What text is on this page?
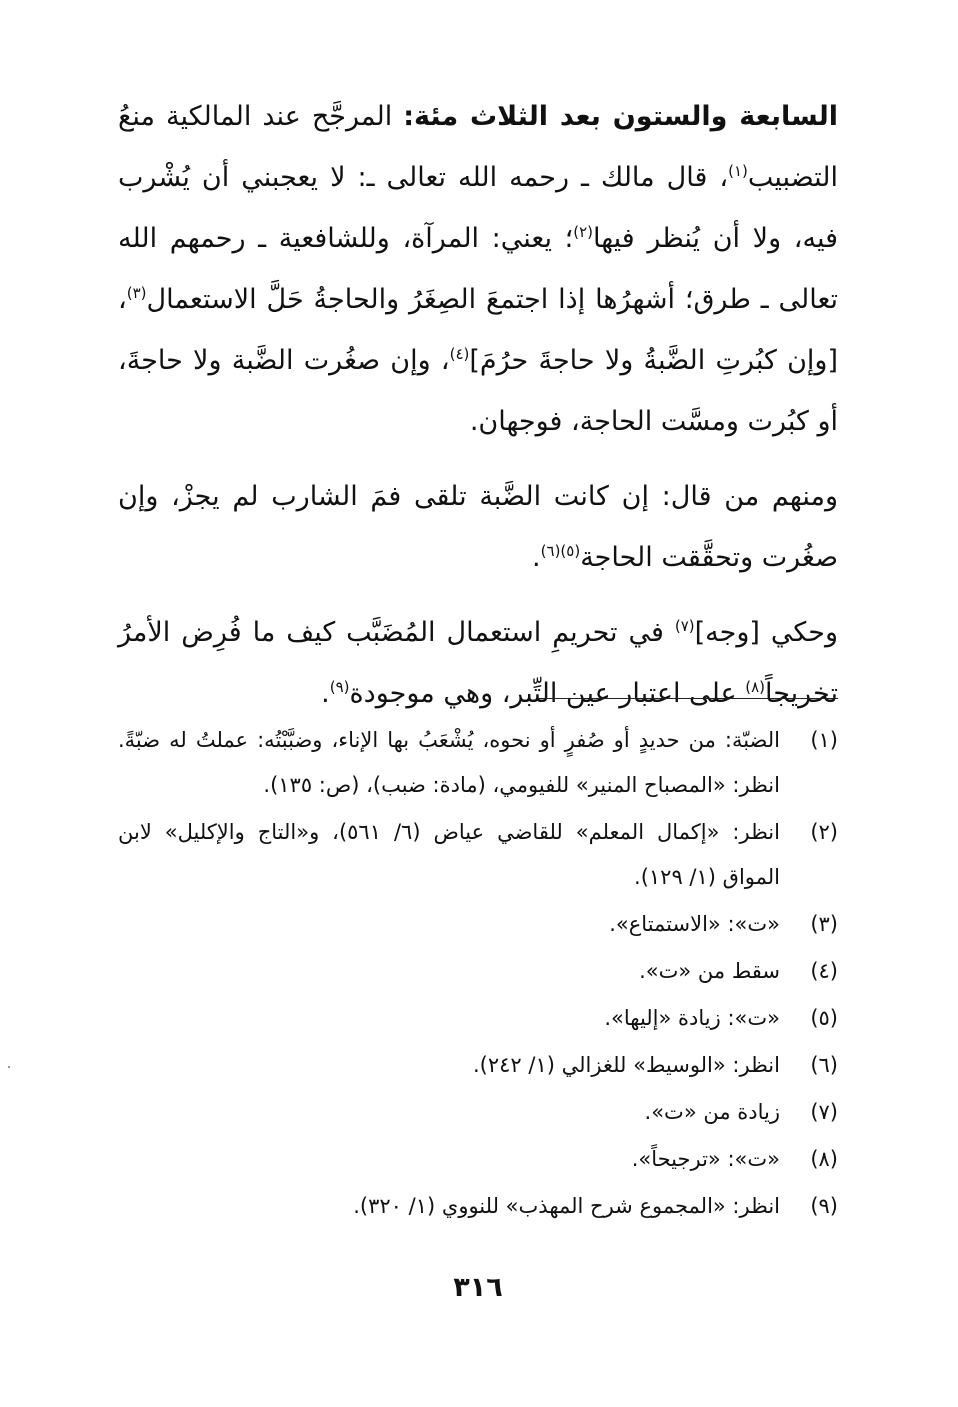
السابعة والستون بعد الثلاث مئة: المرجَّح عند المالكية منعُ التضبيب$^{(١)}$، قال مالك ـ رحمه الله تعالى ـ: لا يعجبني أن يُشْرب فيه، ولا أن يُنظر فيها$^{(٢)}$؛ يعني: المرآة، وللشافعية ـ رحمهم الله تعالى ـ طرق؛ أشهرُها إذا اجتمعَ الصِغَرُ والحاجةُ حَلَّ الاستعمال$^{(٣)}$، [وإن كبُرتِ الضَّبةُ ولا حاجةَ حرُمَ]$^{(٤)}$، وإن صغُرت الضَّبة ولا حاجةَ، أو كبُرت ومسَّت الحاجة، فوجهان.

ومنهم من قال: إن كانت الضَّبة تلقى فمَ الشارب لم يجزْ، وإن صغُرت وتحقَّقت الحاجة$^{(٥)(٦)}$.

وحكي [وجه]$^{(٧)}$ في تحريمِ استعمال المُضَبَّب كيف ما فُرِض الأمرُ تخريجاً$^{(٨)}$ على اعتبار عين التِّبر، وهي موجودة$^{(٩)}$.

(١)
الضبّة: من حديدٍ أو صُفرٍ أو نحوه، يُشْعَبُ بها الإناء، وضبَّبْتُه: عملتُ له ضبّةً. انظر: «المصباح المنير» للفيومي، (مادة: ضبب)، (ص: ١٣٥).
(٢)
انظر: «إكمال المعلم» للقاضي عياض (٦/ ٥٦١)، و«التاج والإكليل» لابن المواق (١/ ١٢٩).
(٣)
«ت»: «الاستمتاع».
(٤)
سقط من «ت».
(٥)
«ت»: زيادة «إليها».
(٦)
انظر: «الوسيط» للغزالي (١/ ٢٤٢).
(٧)
زيادة من «ت».
(٨)
«ت»: «ترجيحاً».
(٩)
انظر: «المجموع شرح المهذب» للنووي (١/ ٣٢٠).
٣١٦
